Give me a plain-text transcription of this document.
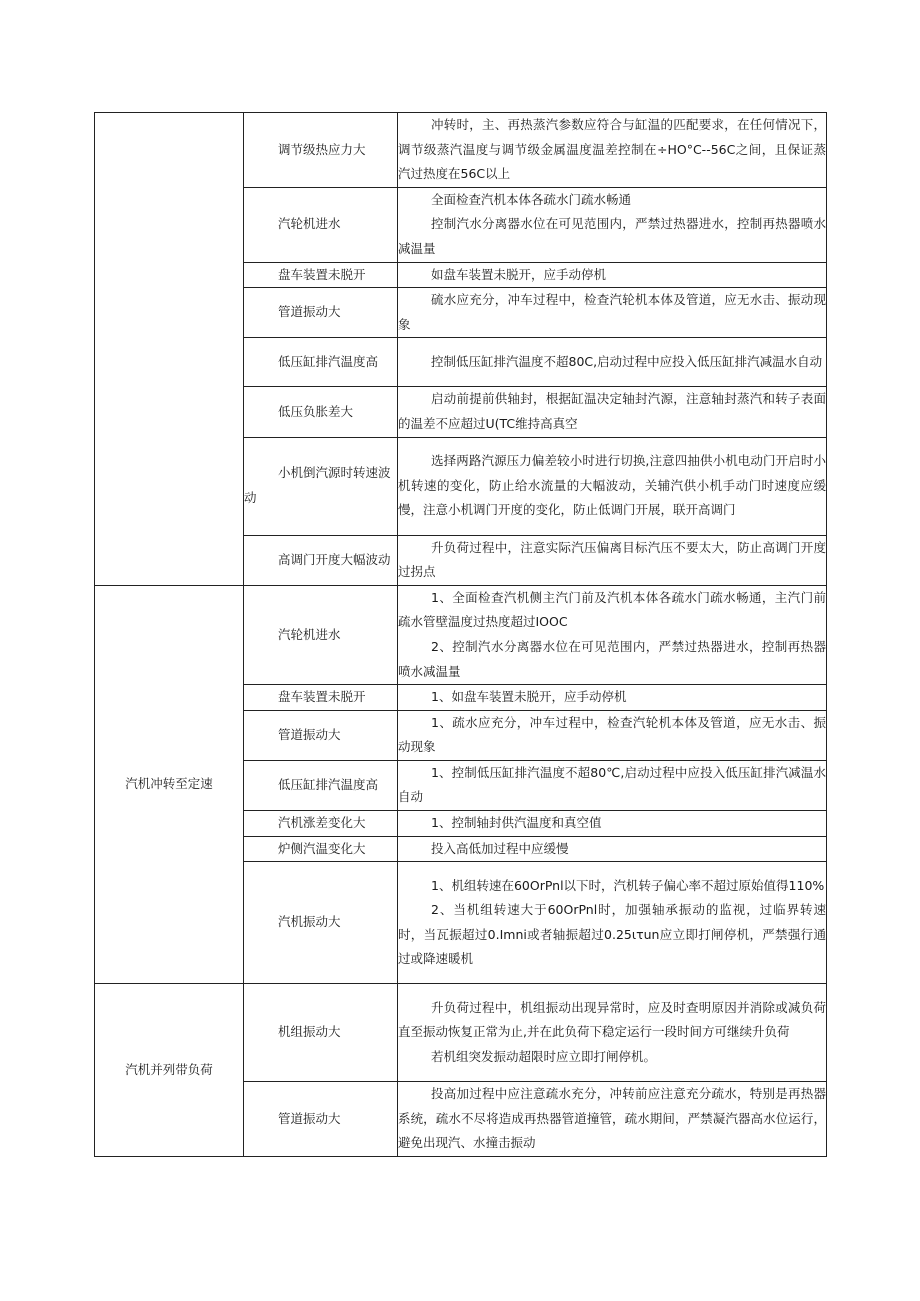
	调节级热应力大	冲转时，主、再热蒸汽参数应符合与缸温的匹配要求，在任何情况下，调节级蒸汽温度与调节级金属温度温差控制在÷HO°C--56C之间，且保证蒸汽过热度在56C以上

	汽轮机进水	全面检查汽机本体各疏水门疏水畅通

控制汽水分离器水位在可见范围内，严禁过热器进水，控制再热器喷水减温量

	盘车装置未脱开	如盘车装置未脱开，应手动停机

	管道振动大	硫水应充分，冲车过程中，检查汽轮机本体及管道，应无水击、振动现象

	低压缸排汽温度高	控制低压缸排汽温度不超80C,启动过程中应投入低压缸排汽减温水自动

	低压负胀差大	启动前提前供轴封，根据缸温决定轴封汽源，注意轴封蒸汽和转子表面的温差不应超过U(TC维持高真空

	小机倒汽源时转速波动	选择两路汽源压力偏差较小时进行切换,注意四抽供小机电动门开启时小机转速的变化，防止给水流量的大幅波动，关辅汽供小机手动门时速度应缓慢，注意小机调门开度的变化，防止低调门开展，联开高调门

	高调门开度大幅波动	升负荷过程中，注意实际汽压偏离目标汽压不要太大，防止高调门开度过拐点

汽机冲转至定速	汽轮机进水	1、全面检查汽机侧主汽门前及汽机本体各疏水门疏水畅通，主汽门前疏水管壁温度过热度超过IOOC

2、控制汽水分离器水位在可见范围内，严禁过热器进水，控制再热器喷水减温量

	盘车装置未脱开	1、如盘车装置未脱开，应手动停机

	管道振动大	1、疏水应充分，冲车过程中，检查汽轮机本体及管道，应无水击、振动现象

	低压缸排汽温度高	1、控制低压缸排汽温度不超80℃,启动过程中应投入低压缸排汽减温水自动

	汽机涨差变化大	1、控制轴封供汽温度和真空值

	炉侧汽温变化大	投入高低加过程中应缓慢

	汽机振动大	1、机组转速在60OrPnl以下时，汽机转子偏心率不超过原始值得110%

2、当机组转速大于60OrPnl时，加强轴承振动的监视，过临界转速时，当瓦振超过0.Imni或者轴振超过0.25ιτun应立即打闸停机，严禁强行通过或降速暖机

汽机并列带负荷	机组振动大	升负荷过程中，机组振动出现异常时，应及时查明原因并消除或减负荷直至振动恢复正常为止,并在此负荷下稳定运行一段时间方可继续升负荷

若机组突发振动超限时应立即打闸停机。

	管道振动大	投高加过程中应注意疏水充分，冲转前应注意充分疏水，特别是再热器系统，疏水不尽将造成再热器管道撞管，疏水期间，严禁凝汽器高水位运行，避免出现汽、水撞击振动
